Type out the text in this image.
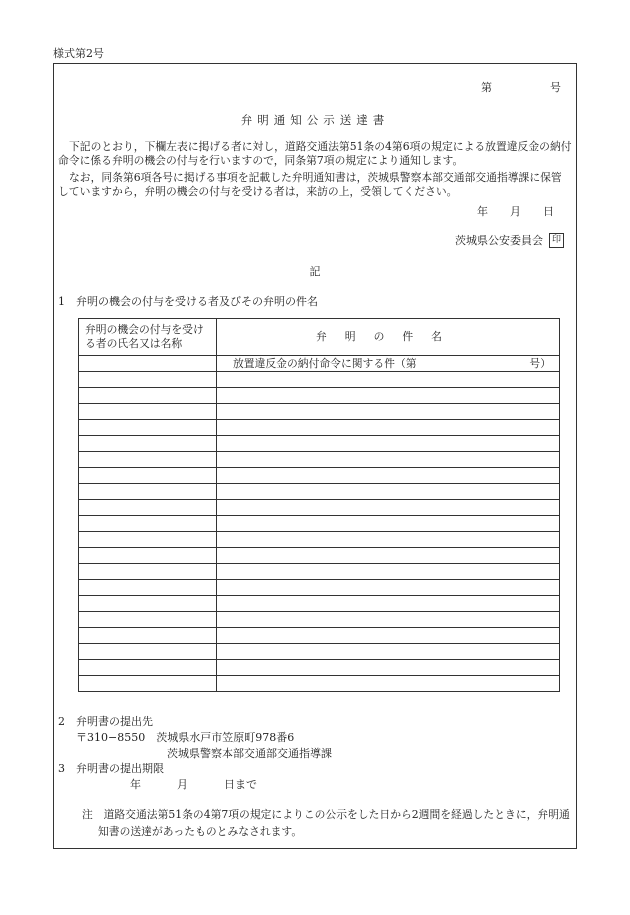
様式第2号
第	号
弁明通知公示送達書
下記のとおり，下欄左表に掲げる者に対し，道路交通法第51条の4第6項の規定による放置違反金の納付命令に係る弁明の機会の付与を行いますので，同条第7項の規定により通知します。
なお，同条第6項各号に掲げる事項を記載した弁明通知書は，茨城県警察本部交通部交通指導課に保管していますから，弁明の機会の付与を受ける者は，来訪の上，受領してください。
年 月 日
茨城県公安委員会 印
記
1　弁明の機会の付与を受ける者及びその弁明の件名
弁明の機会の付与を受ける者の氏名又は名称	弁明の件名

	放置違反金の納付命令に関する件（第 号）

2　弁明書の提出先
〒310−8550　茨城県水戸市笠原町978番6
茨城県警察本部交通部交通指導課
3　弁明書の提出期限
年	月	日まで
注　道路交通法第51条の4第7項の規定によりこの公示をした日から2週間を経過したときに，弁明通知書の送達があったものとみなされます。
